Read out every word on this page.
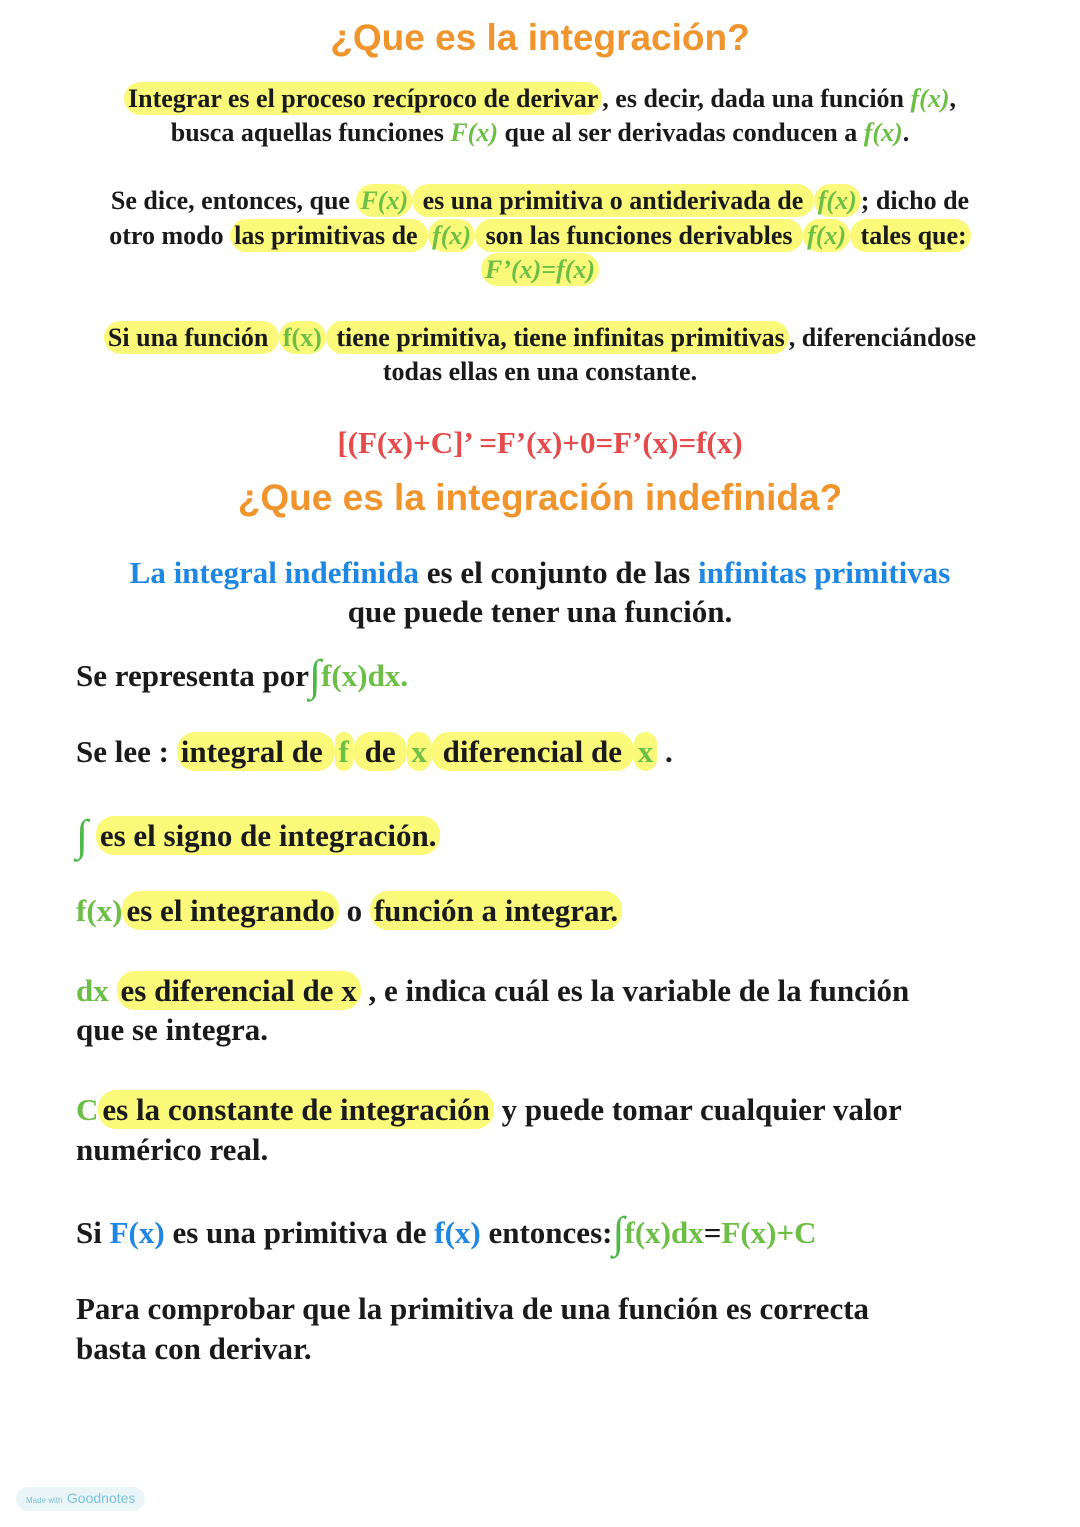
¿Que es la integración?
¿Que es la integración indefinida?
Integrar es el proceso recíproco de derivar , es decir, dada una función f(x),
busca aquellas funciones F(x) que al ser derivadas conducen a f(x).
Se dice, entonces, que F(x) es una primitiva o antiderivada de f(x) ; dicho de
otro modo las primitivas de f(x) son las funciones derivables f(x) tales que:
F’(x)=f(x)
Si una función f(x) tiene primitiva, tiene infinitas primitivas , diferenciándose
todas ellas en una constante.
[(F(x)+C]’ =F’(x)+0=F’(x)=f(x)
La integral indefinida es el conjunto de las infinitas primitivas
que puede tener una función.
Se representa por∫f(x)dx.
Se lee : integral de f de x diferencial de x .
∫ es el signo de integración.
f(x) es el integrando o función a integrar.
dx es diferencial de x , e indica cuál es la variable de la función
que se integra.
C es la constante de integración y puede tomar cualquier valor
numérico real.
Si F(x) es una primitiva de f(x) entonces:∫f(x)dx=F(x)+C
Para comprobar que la primitiva de una función es correcta
basta con derivar.
Made with Goodnotes
